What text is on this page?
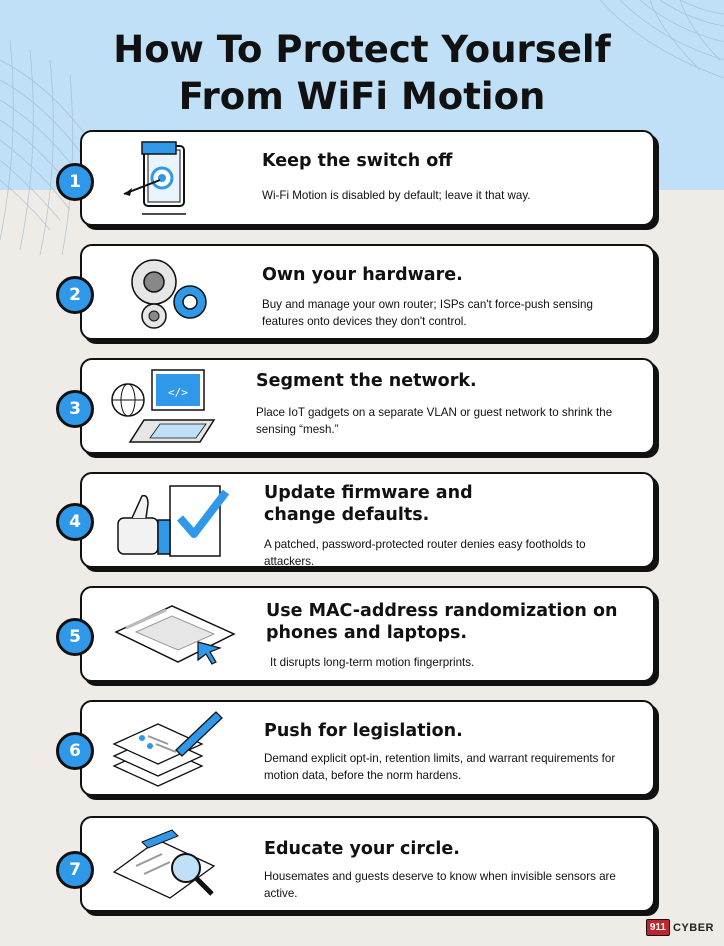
How To Protect Yourself
From WiFi Motion
Keep the switch off
Wi-Fi Motion is disabled by default; leave it that way.
1
Own your hardware.
Buy and manage your own router; ISPs can't force-push sensing features onto devices they don't control.
2
</>
Segment the network.
Place IoT gadgets on a separate VLAN or guest network to shrink the sensing “mesh.”
3
Update firmware and change defaults.
A patched, password-protected router denies easy footholds to attackers.
4
Use MAC-address randomization on phones and laptops.
It disrupts long-term motion fingerprints.
5
Push for legislation.
Demand explicit opt-in, retention limits, and warrant requirements for motion data, before the norm hardens.
6
Educate your circle.
Housemates and guests deserve to know when invisible sensors are active.
7
911 CYBER
